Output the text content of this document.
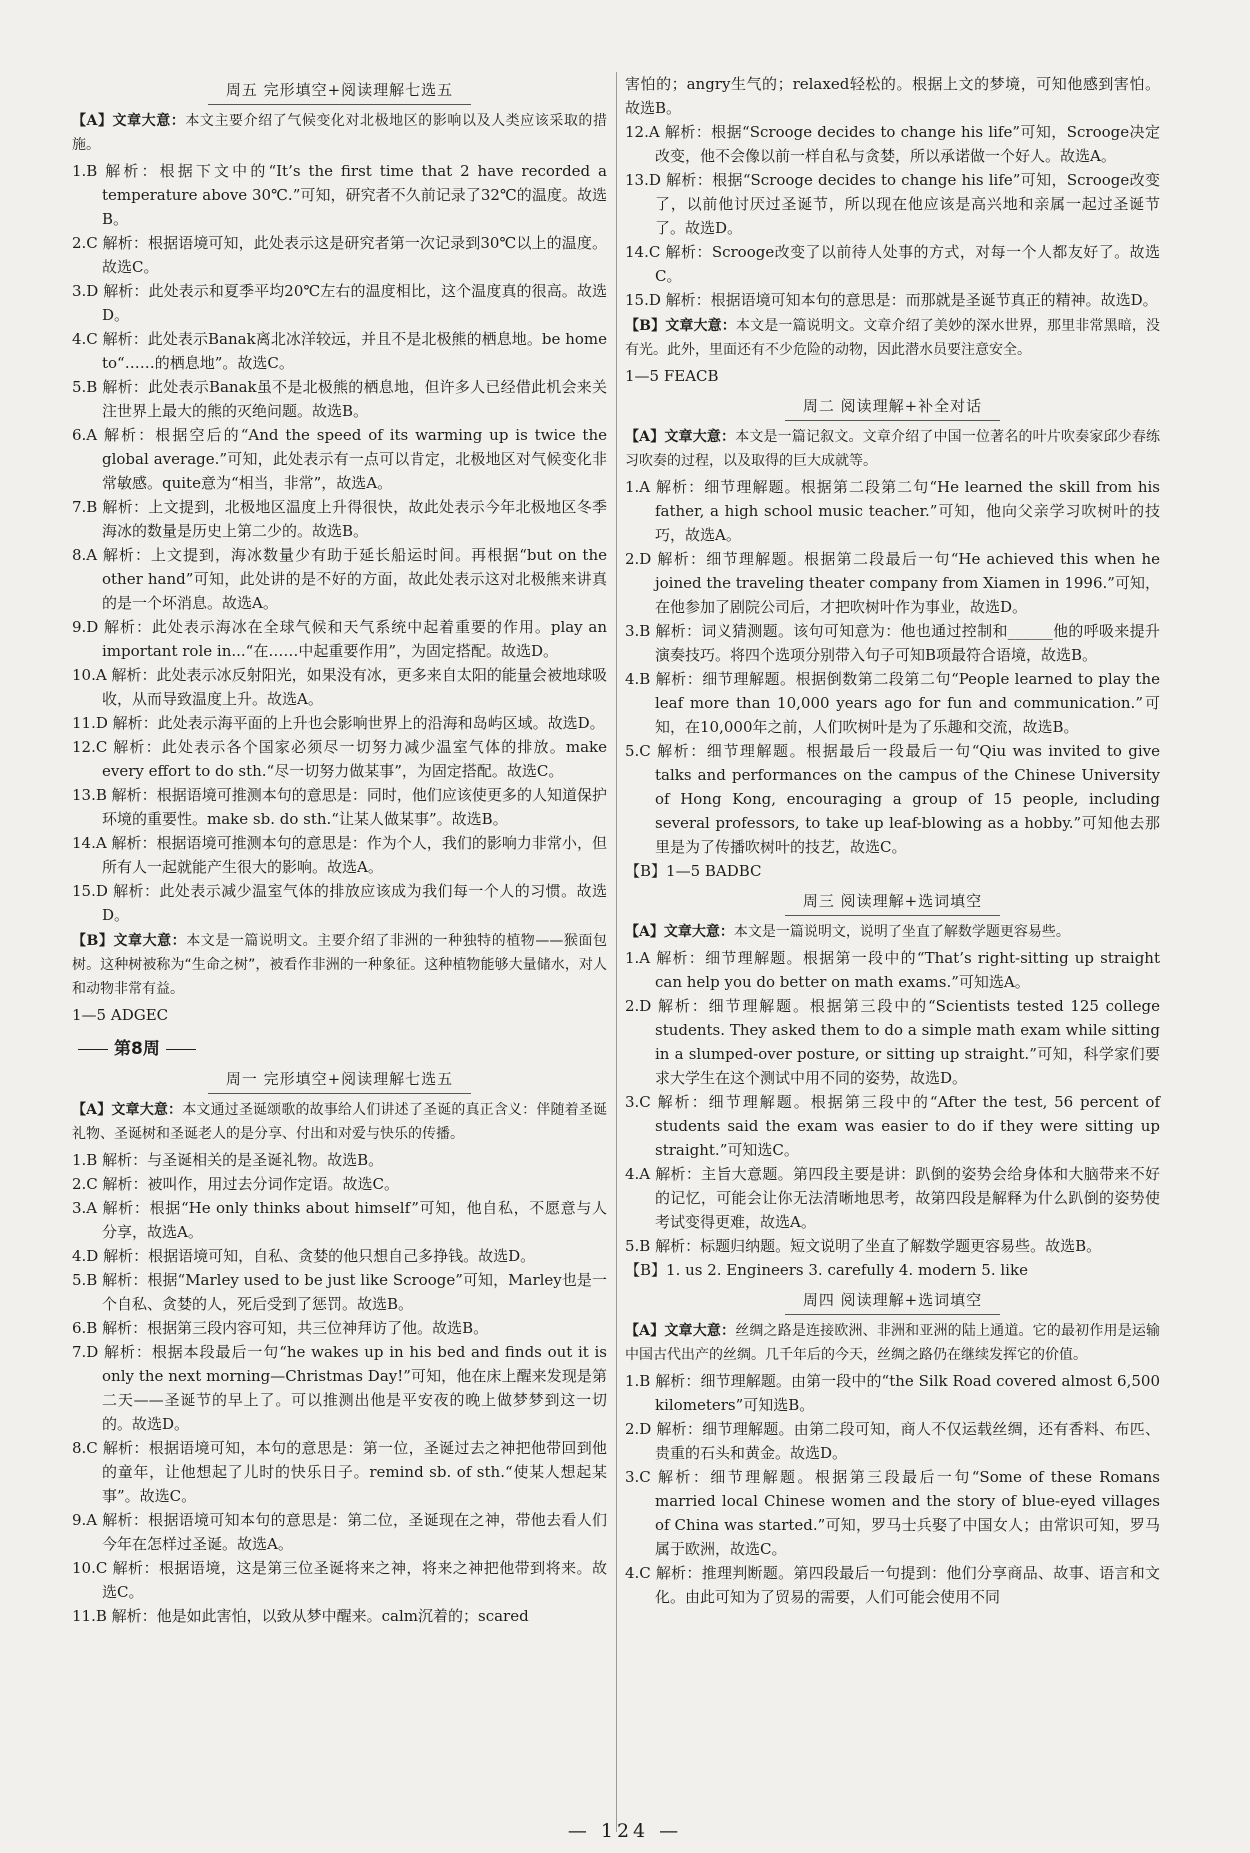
周五 完形填空+阅读理解七选五

【A】文章大意：本文主要介绍了气候变化对北极地区的影响以及人类应该采取的措施。

1.B 解析：根据下文中的“It’s the first time that 2 have recorded a temperature above 30℃.”可知，研究者不久前记录了32℃的温度。故选B。

2.C 解析：根据语境可知，此处表示这是研究者第一次记录到30℃以上的温度。故选C。

3.D 解析：此处表示和夏季平均20℃左右的温度相比，这个温度真的很高。故选D。

4.C 解析：此处表示Banak离北冰洋较远，并且不是北极熊的栖息地。be home to“……的栖息地”。故选C。

5.B 解析：此处表示Banak虽不是北极熊的栖息地，但许多人已经借此机会来关注世界上最大的熊的灭绝问题。故选B。

6.A 解析：根据空后的“And the speed of its warming up is twice the global average.”可知，此处表示有一点可以肯定，北极地区对气候变化非常敏感。quite意为“相当，非常”，故选A。

7.B 解析：上文提到，北极地区温度上升得很快，故此处表示今年北极地区冬季海冰的数量是历史上第二少的。故选B。

8.A 解析：上文提到，海冰数量少有助于延长船运时间。再根据“but on the other hand”可知，此处讲的是不好的方面，故此处表示这对北极熊来讲真的是一个坏消息。故选A。

9.D 解析：此处表示海冰在全球气候和天气系统中起着重要的作用。play an important role in...“在……中起重要作用”，为固定搭配。故选D。

10.A 解析：此处表示冰反射阳光，如果没有冰，更多来自太阳的能量会被地球吸收，从而导致温度上升。故选A。

11.D 解析：此处表示海平面的上升也会影响世界上的沿海和岛屿区域。故选D。

12.C 解析：此处表示各个国家必须尽一切努力减少温室气体的排放。make every effort to do sth.“尽一切努力做某事”，为固定搭配。故选C。

13.B 解析：根据语境可推测本句的意思是：同时，他们应该使更多的人知道保护环境的重要性。make sb. do sth.“让某人做某事”。故选B。

14.A 解析：根据语境可推测本句的意思是：作为个人，我们的影响力非常小，但所有人一起就能产生很大的影响。故选A。

15.D 解析：此处表示减少温室气体的排放应该成为我们每一个人的习惯。故选D。

【B】文章大意：本文是一篇说明文。主要介绍了非洲的一种独特的植物——猴面包树。这种树被称为“生命之树”，被看作非洲的一种象征。这种植物能够大量储水，对人和动物非常有益。

1—5 ADGEC

第8周
周一 完形填空+阅读理解七选五

【A】文章大意：本文通过圣诞颂歌的故事给人们讲述了圣诞的真正含义：伴随着圣诞礼物、圣诞树和圣诞老人的是分享、付出和对爱与快乐的传播。

1.B 解析：与圣诞相关的是圣诞礼物。故选B。

2.C 解析：被叫作，用过去分词作定语。故选C。

3.A 解析：根据“He only thinks about himself”可知，他自私，不愿意与人分享，故选A。

4.D 解析：根据语境可知，自私、贪婪的他只想自己多挣钱。故选D。

5.B 解析：根据“Marley used to be just like Scrooge”可知，Marley也是一个自私、贪婪的人，死后受到了惩罚。故选B。

6.B 解析：根据第三段内容可知，共三位神拜访了他。故选B。

7.D 解析：根据本段最后一句“he wakes up in his bed and finds out it is only the next morning—Christmas Day!”可知，他在床上醒来发现是第二天——圣诞节的早上了。可以推测出他是平安夜的晚上做梦梦到这一切的。故选D。

8.C 解析：根据语境可知，本句的意思是：第一位，圣诞过去之神把他带回到他的童年，让他想起了儿时的快乐日子。remind sb. of sth.“使某人想起某事”。故选C。

9.A 解析：根据语境可知本句的意思是：第二位，圣诞现在之神，带他去看人们今年在怎样过圣诞。故选A。

10.C 解析：根据语境，这是第三位圣诞将来之神，将来之神把他带到将来。故选C。

11.B 解析：他是如此害怕，以致从梦中醒来。calm沉着的；scared

害怕的；angry生气的；relaxed轻松的。根据上文的梦境，可知他感到害怕。故选B。

12.A 解析：根据“Scrooge decides to change his life”可知，Scrooge决定改变，他不会像以前一样自私与贪婪，所以承诺做一个好人。故选A。

13.D 解析：根据“Scrooge decides to change his life”可知，Scrooge改变了，以前他讨厌过圣诞节，所以现在他应该是高兴地和亲属一起过圣诞节了。故选D。

14.C 解析：Scrooge改变了以前待人处事的方式，对每一个人都友好了。故选C。

15.D 解析：根据语境可知本句的意思是：而那就是圣诞节真正的精神。故选D。

【B】文章大意：本文是一篇说明文。文章介绍了美妙的深水世界，那里非常黑暗，没有光。此外，里面还有不少危险的动物，因此潜水员要注意安全。

1—5 FEACB

周二 阅读理解+补全对话

【A】文章大意：本文是一篇记叙文。文章介绍了中国一位著名的叶片吹奏家邱少春练习吹奏的过程，以及取得的巨大成就等。

1.A 解析：细节理解题。根据第二段第二句“He learned the skill from his father, a high school music teacher.”可知，他向父亲学习吹树叶的技巧，故选A。

2.D 解析：细节理解题。根据第二段最后一句“He achieved this when he joined the traveling theater company from Xiamen in 1996.”可知，在他参加了剧院公司后，才把吹树叶作为事业，故选D。

3.B 解析：词义猜测题。该句可知意为：他也通过控制和______他的呼吸来提升演奏技巧。将四个选项分别带入句子可知B项最符合语境，故选B。

4.B 解析：细节理解题。根据倒数第二段第二句“People learned to play the leaf more than 10,000 years ago for fun and communication.”可知，在10,000年之前，人们吹树叶是为了乐趣和交流，故选B。

5.C 解析：细节理解题。根据最后一段最后一句“Qiu was invited to give talks and performances on the campus of the Chinese University of Hong Kong, encouraging a group of 15 people, including several professors, to take up leaf-blowing as a hobby.”可知他去那里是为了传播吹树叶的技艺，故选C。

【B】1—5 BADBC

周三 阅读理解+选词填空

【A】文章大意：本文是一篇说明文，说明了坐直了解数学题更容易些。

1.A 解析：细节理解题。根据第一段中的“That’s right-sitting up straight can help you do better on math exams.”可知选A。

2.D 解析：细节理解题。根据第三段中的“Scientists tested 125 college students. They asked them to do a simple math exam while sitting in a slumped-over posture, or sitting up straight.”可知，科学家们要求大学生在这个测试中用不同的姿势，故选D。

3.C 解析：细节理解题。根据第三段中的“After the test, 56 percent of students said the exam was easier to do if they were sitting up straight.”可知选C。

4.A 解析：主旨大意题。第四段主要是讲：趴倒的姿势会给身体和大脑带来不好的记忆，可能会让你无法清晰地思考，故第四段是解释为什么趴倒的姿势使考试变得更难，故选A。

5.B 解析：标题归纳题。短文说明了坐直了解数学题更容易些。故选B。

【B】1. us 2. Engineers 3. carefully 4. modern 5. like

周四 阅读理解+选词填空

【A】文章大意：丝绸之路是连接欧洲、非洲和亚洲的陆上通道。它的最初作用是运输中国古代出产的丝绸。几千年后的今天，丝绸之路仍在继续发挥它的价值。

1.B 解析：细节理解题。由第一段中的“the Silk Road covered almost 6,500 kilometers”可知选B。

2.D 解析：细节理解题。由第二段可知，商人不仅运载丝绸，还有香料、布匹、贵重的石头和黄金。故选D。

3.C 解析：细节理解题。根据第三段最后一句“Some of these Romans married local Chinese women and the story of blue-eyed villages of China was started.”可知，罗马士兵娶了中国女人；由常识可知，罗马属于欧洲，故选C。

4.C 解析：推理判断题。第四段最后一句提到：他们分享商品、故事、语言和文化。由此可知为了贸易的需要，人们可能会使用不同

— 124 —
